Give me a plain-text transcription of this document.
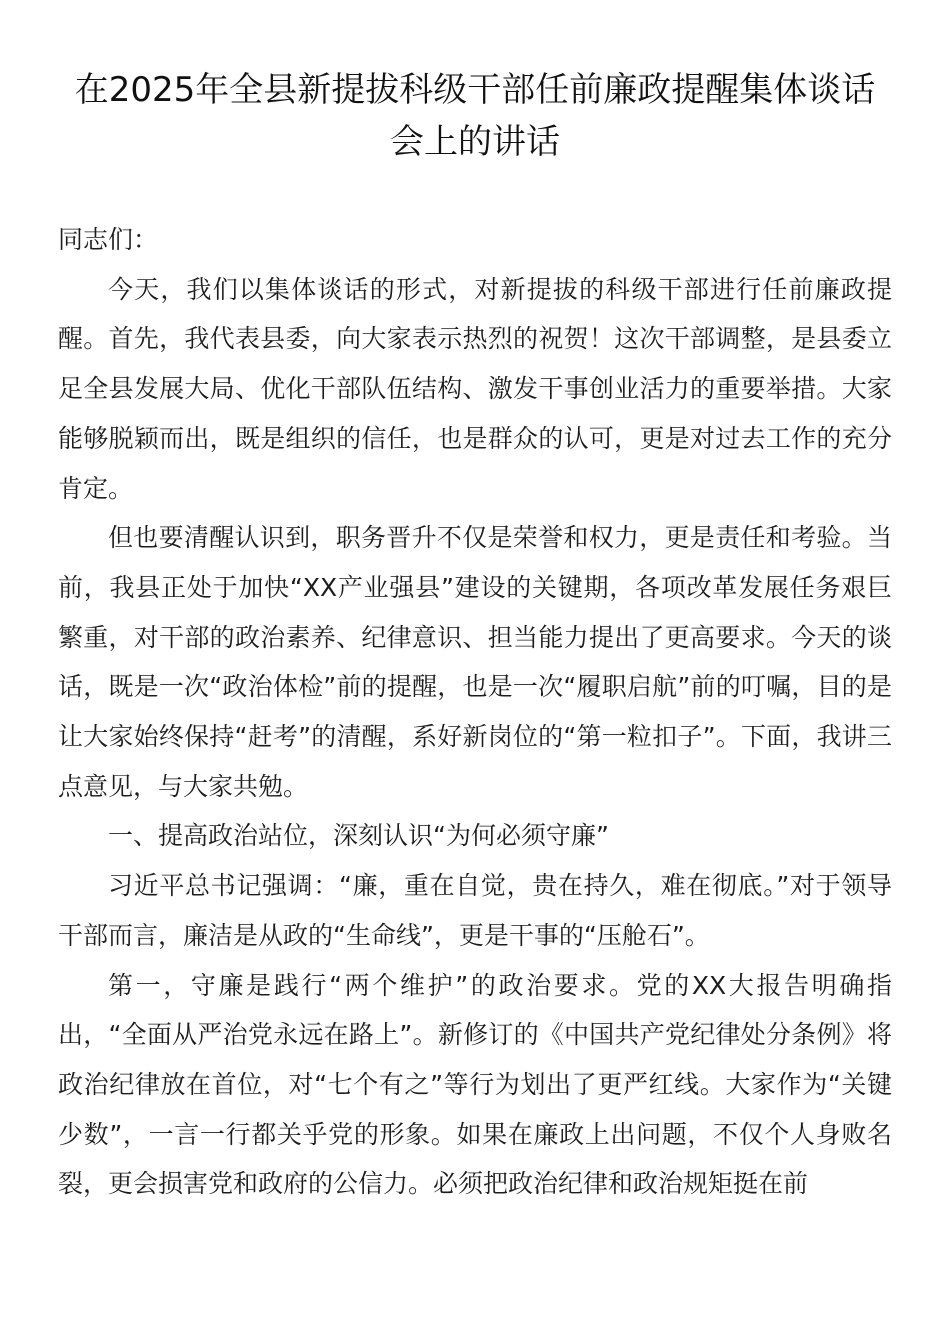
在2025年全县新提拔科级干部任前廉政提醒集体谈话会上的讲话

同志们：

今天，我们以集体谈话的形式，对新提拔的科级干部进行任前廉政提醒。首先，我代表县委，向大家表示热烈的祝贺！这次干部调整，是县委立足全县发展大局、优化干部队伍结构、激发干事创业活力的重要举措。大家能够脱颖而出，既是组织的信任，也是群众的认可，更是对过去工作的充分肯定。

但也要清醒认识到，职务晋升不仅是荣誉和权力，更是责任和考验。当前，我县正处于加快“XX产业强县”建设的关键期，各项改革发展任务艰巨繁重，对干部的政治素养、纪律意识、担当能力提出了更高要求。今天的谈话，既是一次“政治体检”前的提醒，也是一次“履职启航”前的叮嘱，目的是让大家始终保持“赶考”的清醒，系好新岗位的“第一粒扣子”。下面，我讲三点意见，与大家共勉。

一、提高政治站位，深刻认识“为何必须守廉”

习近平总书记强调：“廉，重在自觉，贵在持久，难在彻底。”对于领导干部而言，廉洁是从政的“生命线”，更是干事的“压舱石”。

第一，守廉是践行“两个维护”的政治要求。党的XX大报告明确指出，“全面从严治党永远在路上”。新修订的《中国共产党纪律处分条例》将政治纪律放在首位，对“七个有之”等行为划出了更严红线。大家作为“关键少数”，一言一行都关乎党的形象。如果在廉政上出问题，不仅个人身败名裂，更会损害党和政府的公信力。必须把政治纪律和政治规矩挺在前
